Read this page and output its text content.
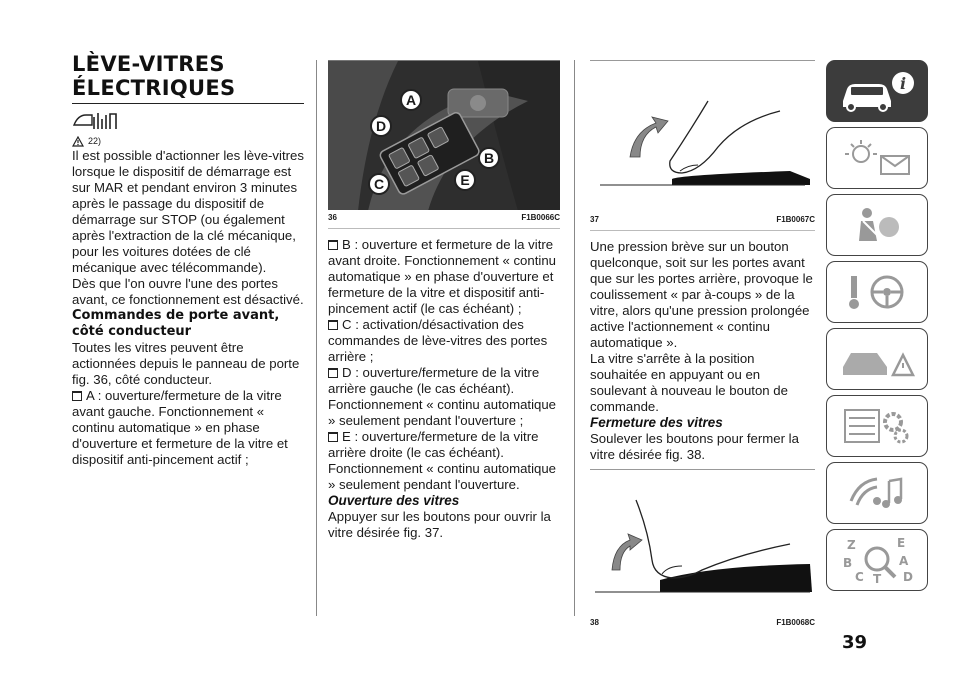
LÈVE-VITRES
ÉLECTRIQUES
22)

Il est possible d'actionner les lève-vitres lorsque le dispositif de démarrage est sur MAR et pendant environ 3 minutes après le passage du dispositif de démarrage sur STOP (ou également après l'extraction de la clé mécanique, pour les voitures dotées de clé mécanique avec télécommande).

Dès que l'on ouvre l'une des portes avant, ce fonctionnement est désactivé.

Commandes de porte avant, côté conducteur

Toutes les vitres peuvent être actionnées depuis le panneau de porte fig. 36, côté conducteur.

A : ouverture/fermeture de la vitre avant gauche. Fonctionnement « continu automatique » en phase d'ouverture et fermeture de la vitre et dispositif anti-pincement actif ;

A
B
C
D
E
36	F1B0066C

B : ouverture et fermeture de la vitre avant droite. Fonctionnement « continu automatique » en phase d'ouverture et fermeture de la vitre et dispositif anti-pincement actif (le cas échéant) ;

C : activation/désactivation des commandes de lève-vitres des portes arrière ;

D : ouverture/fermeture de la vitre arrière gauche (le cas échéant). Fonctionnement « continu automatique » seulement pendant l'ouverture ;

E : ouverture/fermeture de la vitre arrière droite (le cas échéant). Fonctionnement « continu automatique » seulement pendant l'ouverture.

Ouverture des vitres

Appuyer sur les boutons pour ouvrir la vitre désirée fig. 37.

37	F1B0067C

Une pression brève sur un bouton quelconque, soit sur les portes avant que sur les portes arrière, provoque le coulissement « par à-coups » de la vitre, alors qu'une pression prolongée active l'actionnement « continu automatique ».

La vitre s'arrête à la position souhaitée en appuyant ou en soulevant à nouveau le bouton de commande.

Fermeture des vitres

Soulever les boutons pour fermer la vitre désirée fig. 38.

38	F1B0068C
i
Z	E
B	A
C	D
T
39
